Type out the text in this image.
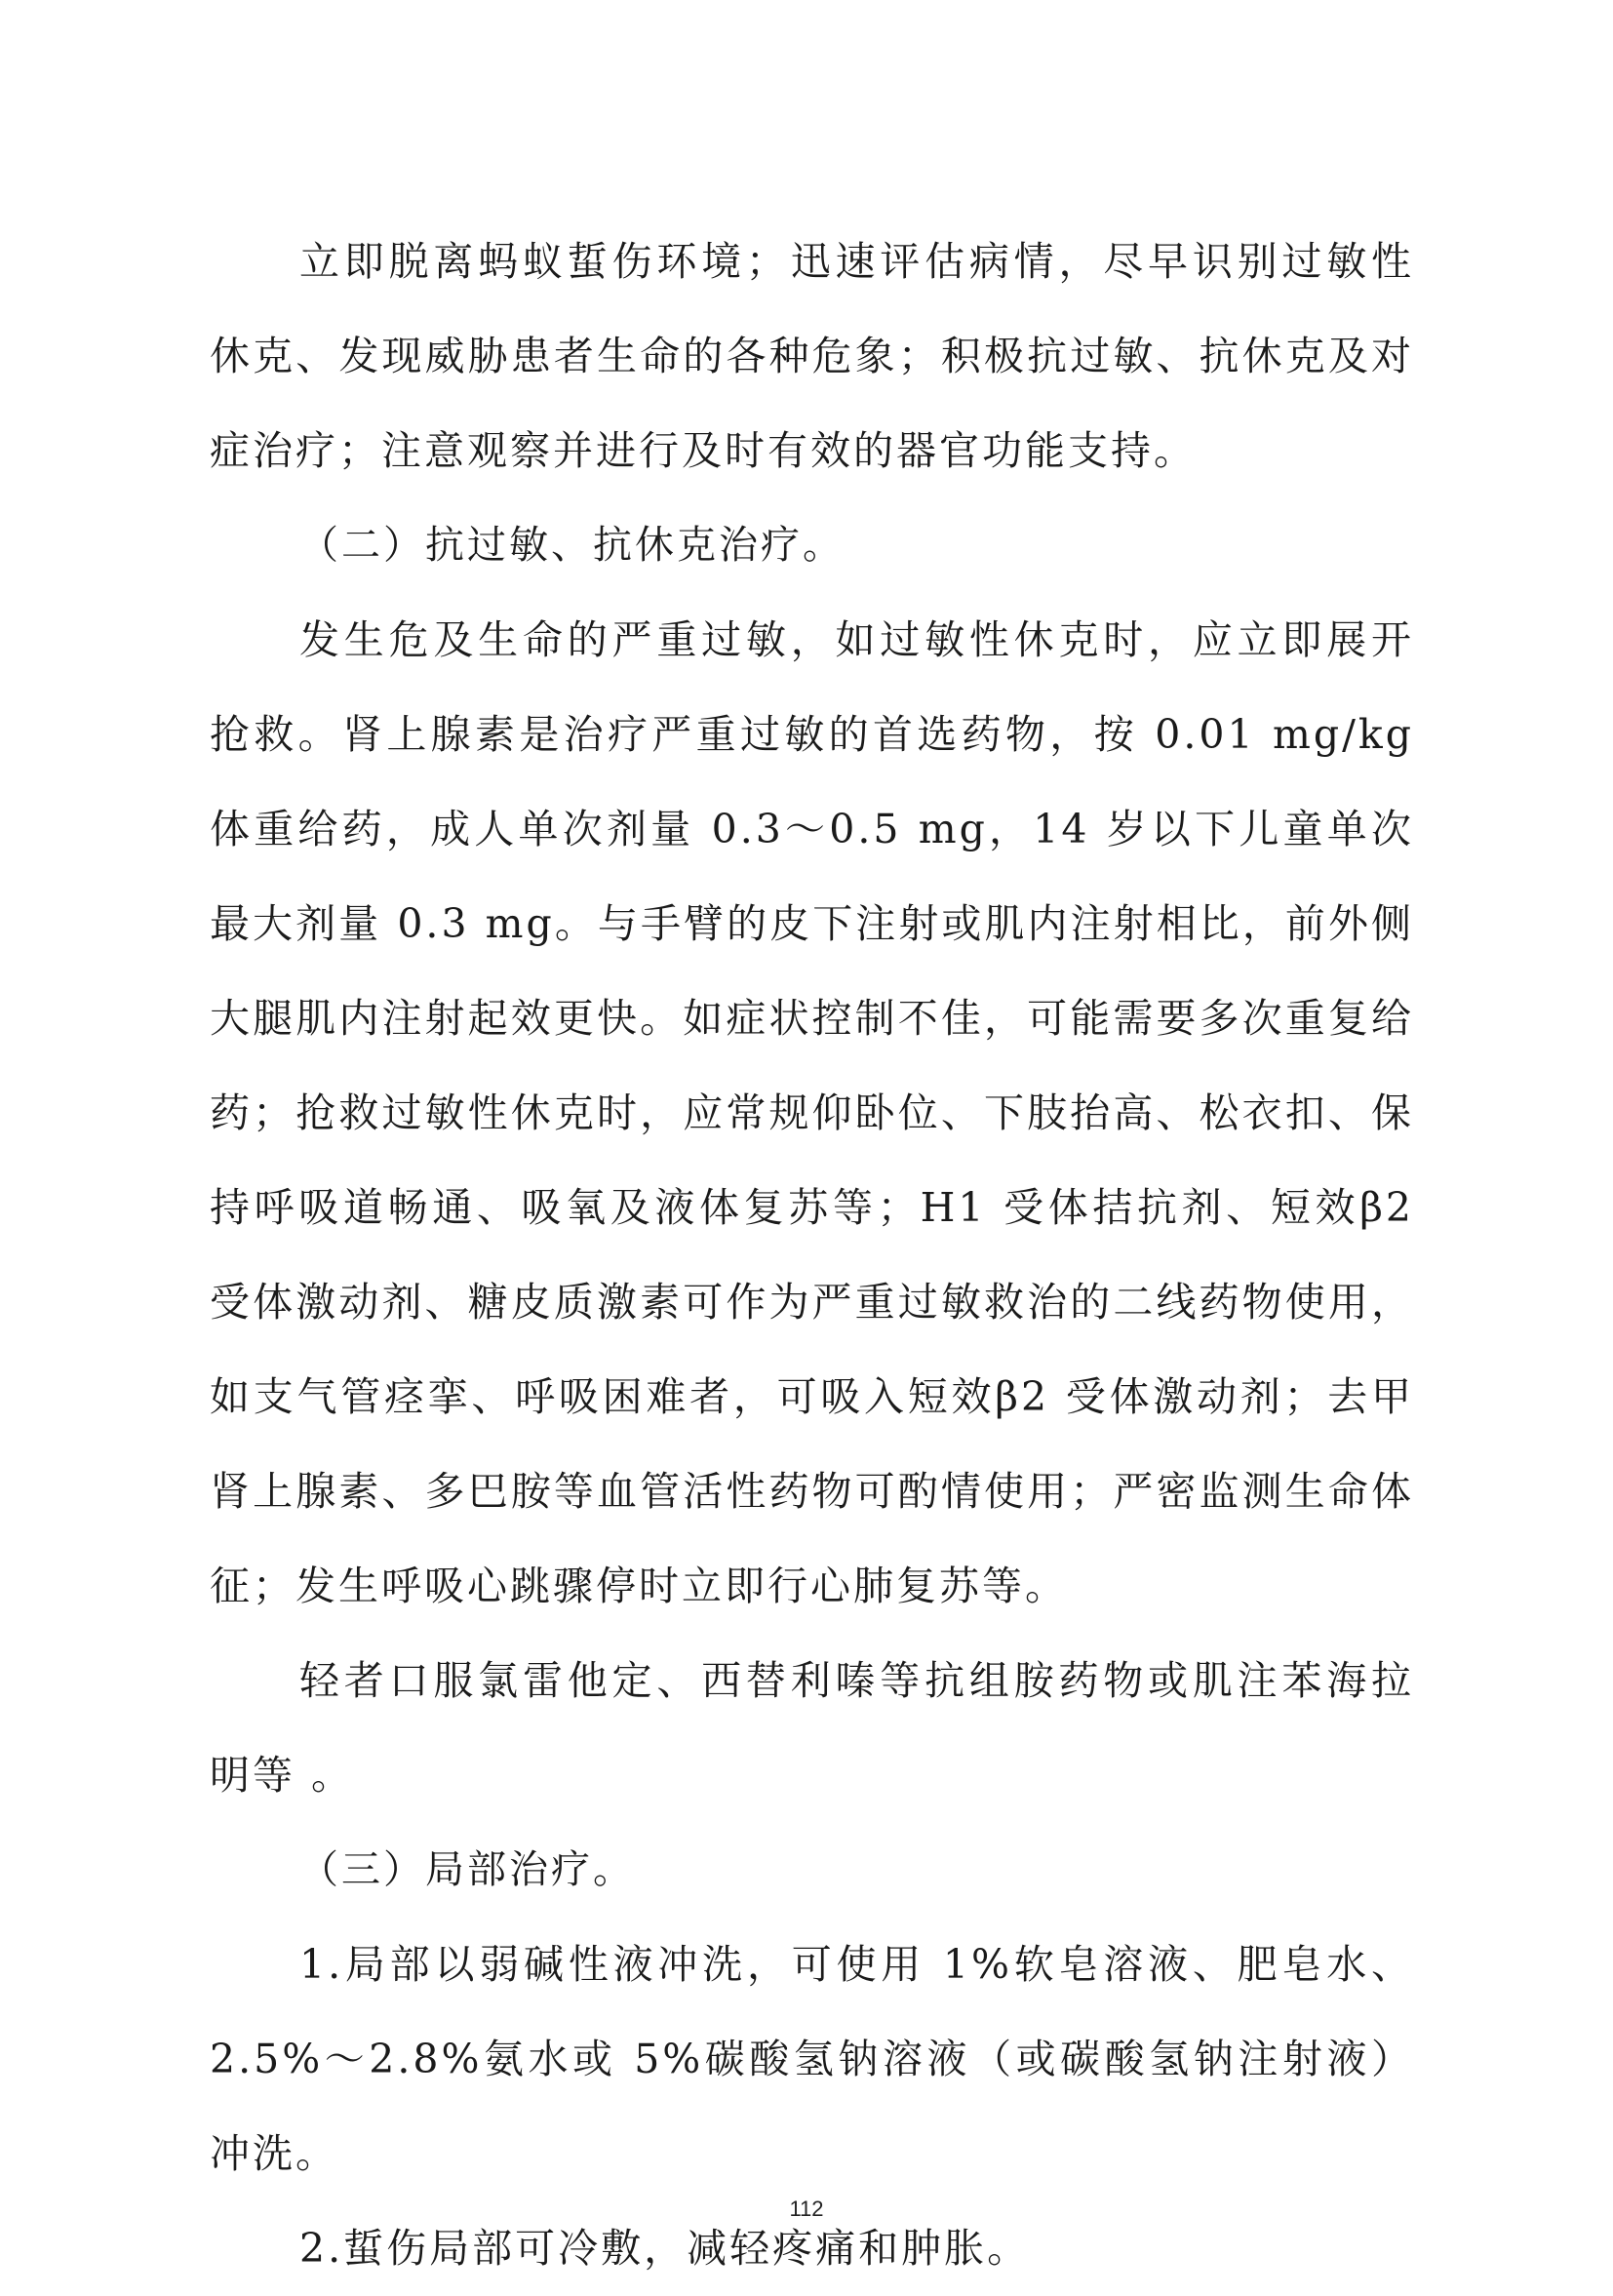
立即脱离蚂蚁蜇伤环境；迅速评估病情，尽早识别过敏性休克、发现威胁患者生命的各种危象；积极抗过敏、抗休克及对症治疗；注意观察并进行及时有效的器官功能支持。

（二）抗过敏、抗休克治疗。

发生危及生命的严重过敏，如过敏性休克时，应立即展开抢救。肾上腺素是治疗严重过敏的首选药物，按 0.01 mg/kg 体重给药，成人单次剂量 0.3～0.5 mg，14 岁以下儿童单次最大剂量 0.3 mg。与手臂的皮下注射或肌内注射相比，前外侧大腿肌内注射起效更快。如症状控制不佳，可能需要多次重复给药；抢救过敏性休克时，应常规仰卧位、下肢抬高、松衣扣、保持呼吸道畅通、吸氧及液体复苏等；H1 受体拮抗剂、短效β2 受体激动剂、糖皮质激素可作为严重过敏救治的二线药物使用，如支气管痉挛、呼吸困难者，可吸入短效β2 受体激动剂；去甲肾上腺素、多巴胺等血管活性药物可酌情使用；严密监测生命体征；发生呼吸心跳骤停时立即行心肺复苏等。

轻者口服氯雷他定、西替利嗪等抗组胺药物或肌注苯海拉明等 。

（三）局部治疗。

1.局部以弱碱性液冲洗，可使用 1%软皂溶液、肥皂水、2.5%～2.8%氨水或 5%碳酸氢钠溶液（或碳酸氢钠注射液）冲洗。

2.蜇伤局部可冷敷，减轻疼痛和肿胀。

112
